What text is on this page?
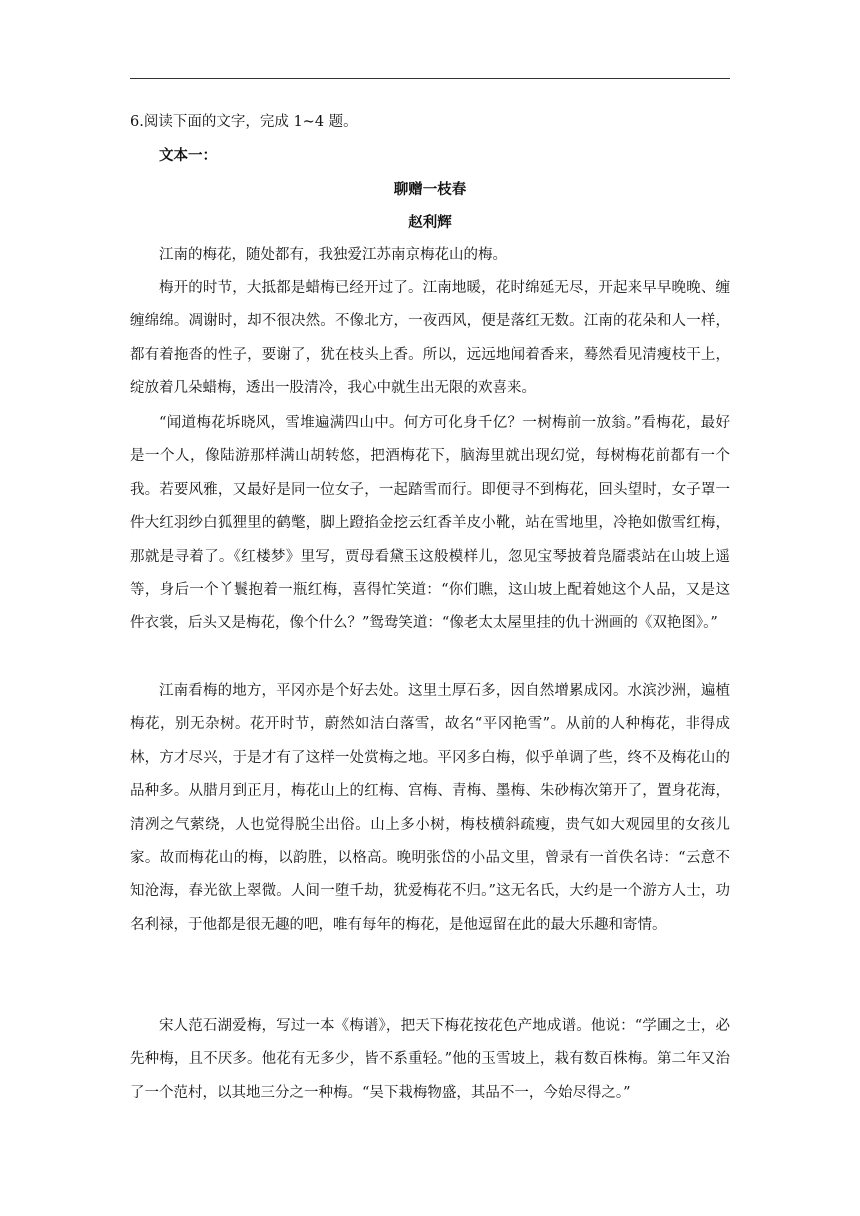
6.阅读下面的文字，完成 1~4 题。
文本一：
聊赠一枝春
赵利辉

江南的梅花，随处都有，我独爱江苏南京梅花山的梅。

梅开的时节，大抵都是蜡梅已经开过了。江南地暖，花时绵延无尽，开起来早早晚晚、缠缠绵绵。凋谢时，却不很决然。不像北方，一夜西风，便是落红无数。江南的花朵和人一样，都有着拖沓的性子，要谢了，犹在枝头上香。所以，远远地闻着香来，蓦然看见清瘦枝干上，绽放着几朵蜡梅，透出一股清冷，我心中就生出无限的欢喜来。

“闻道梅花坼晓风，雪堆遍满四山中。何方可化身千亿？一树梅前一放翁。”看梅花，最好是一个人，像陆游那样满山胡转悠，把酒梅花下，脑海里就出现幻觉，每树梅花前都有一个我。若要风雅，又最好是同一位女子，一起踏雪而行。即便寻不到梅花，回头望时，女子罩一件大红羽纱白狐狸里的鹤氅，脚上蹬掐金挖云红香羊皮小靴，站在雪地里，冷艳如傲雪红梅，那就是寻着了。《红楼梦》里写，贾母看黛玉这般模样儿，忽见宝琴披着凫靥裘站在山坡上遥等，身后一个丫鬟抱着一瓶红梅，喜得忙笑道：“你们瞧，这山坡上配着她这个人品，又是这件衣裳，后头又是梅花，像个什么？”鸳鸯笑道：“像老太太屋里挂的仇十洲画的《双艳图》。”

江南看梅的地方，平冈亦是个好去处。这里土厚石多，因自然增累成冈。水滨沙洲，遍植梅花，别无杂树。花开时节，蔚然如洁白落雪，故名“平冈艳雪”。从前的人种梅花，非得成林，方才尽兴，于是才有了这样一处赏梅之地。平冈多白梅，似乎单调了些，终不及梅花山的品种多。从腊月到正月，梅花山上的红梅、宫梅、青梅、墨梅、朱砂梅次第开了，置身花海，清冽之气萦绕，人也觉得脱尘出俗。山上多小树，梅枝横斜疏瘦，贵气如大观园里的女孩儿家。故而梅花山的梅，以韵胜，以格高。晚明张岱的小品文里，曾录有一首佚名诗：“云意不知沧海，春光欲上翠微。人间一堕千劫，犹爱梅花不归。”这无名氏，大约是一个游方人士，功名利禄，于他都是很无趣的吧，唯有每年的梅花，是他逗留在此的最大乐趣和寄情。

宋人范石湖爱梅，写过一本《梅谱》，把天下梅花按花色产地成谱。他说：“学圃之士，必先种梅，且不厌多。他花有无多少，皆不系重轻。”他的玉雪坡上，栽有数百株梅。第二年又治了一个范村，以其地三分之一种梅。“吴下栽梅物盛，其品不一，今始尽得之。”
